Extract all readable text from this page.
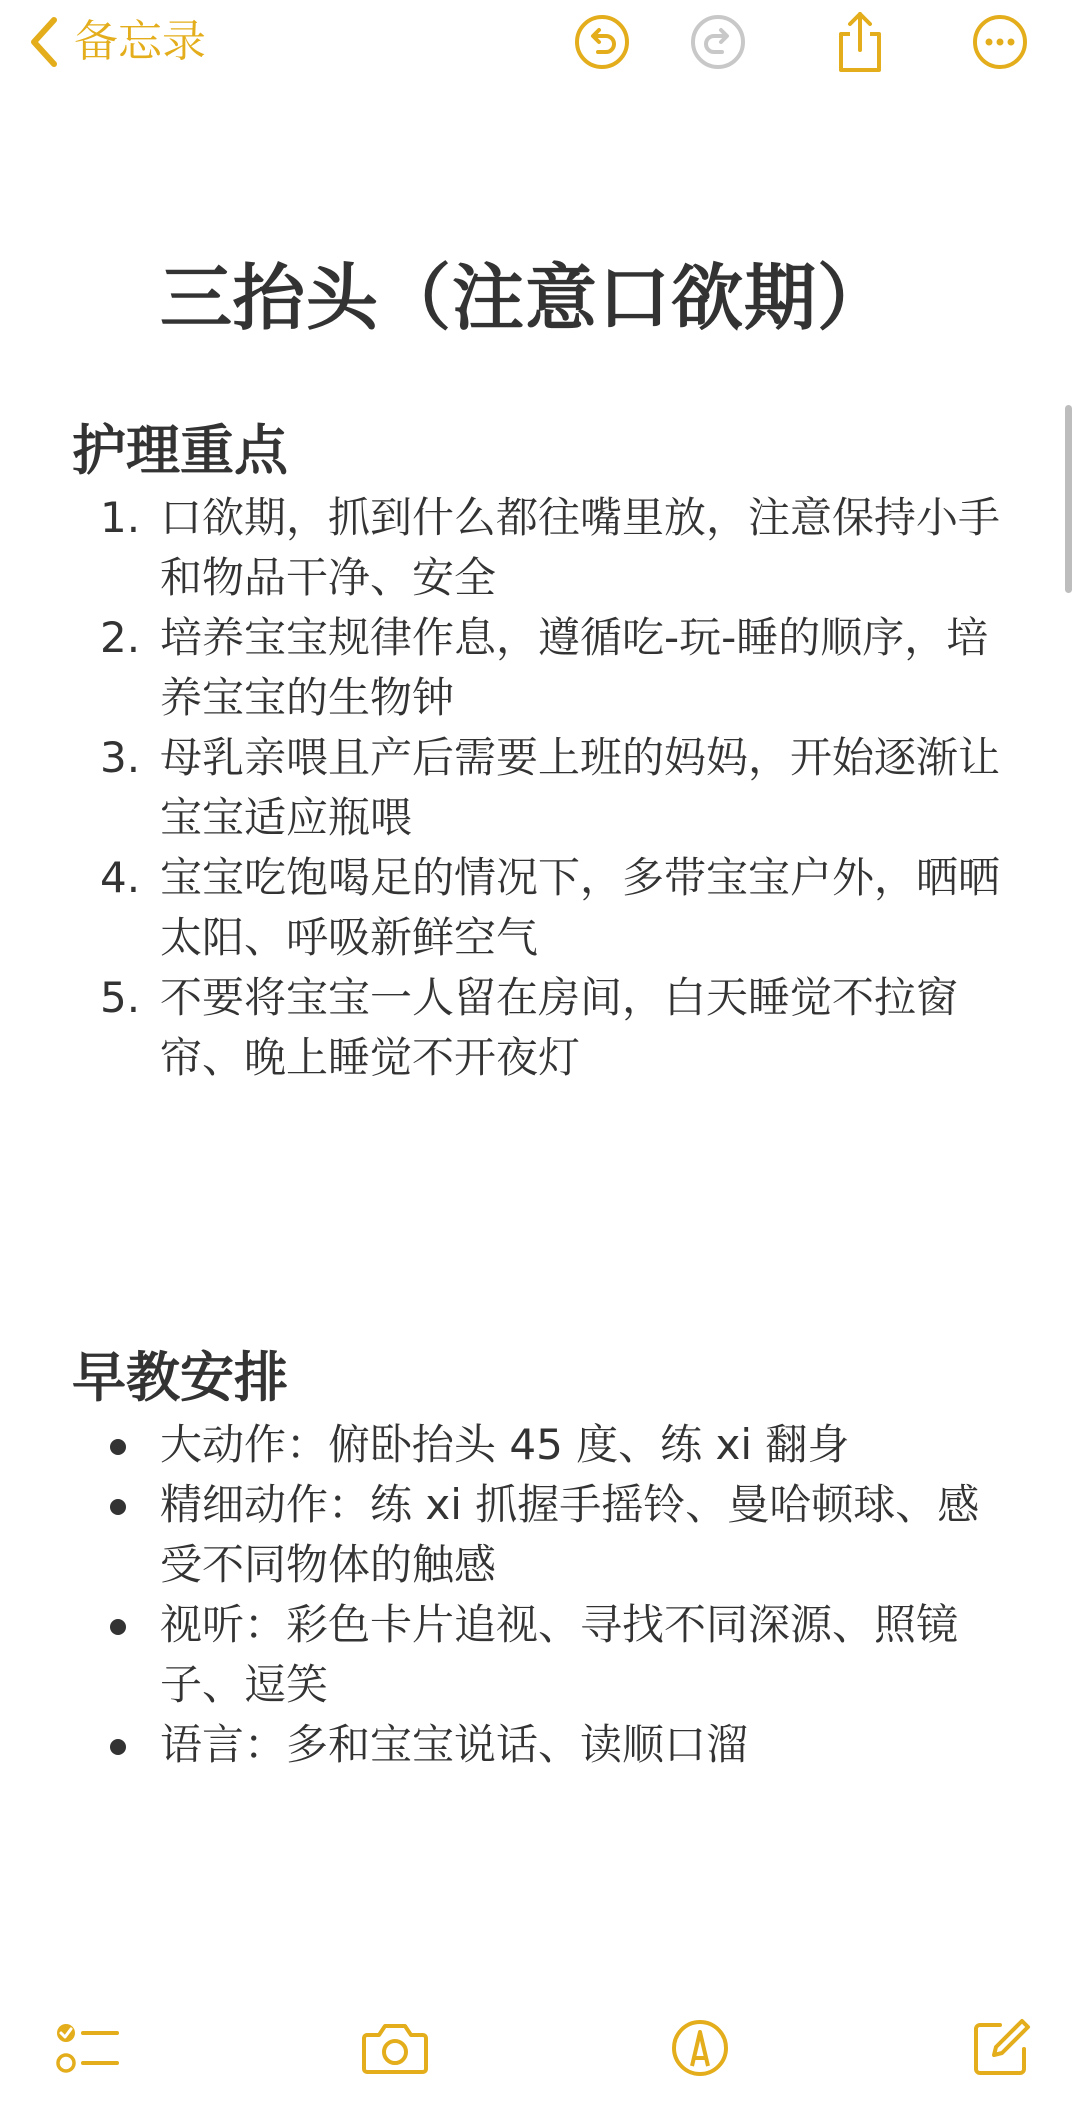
备忘录
三抬头（注意口欲期）
护理重点
1. 口欲期，抓到什么都往嘴里放，注意保持小手和物品干净、安全
2. 培养宝宝规律作息，遵循吃-玩-睡的顺序，培养宝宝的生物钟
3. 母乳亲喂且产后需要上班的妈妈，开始逐渐让宝宝适应瓶喂
4. 宝宝吃饱喝足的情况下，多带宝宝户外，晒晒太阳、呼吸新鲜空气
5. 不要将宝宝一人留在房间，白天睡觉不拉窗帘、晚上睡觉不开夜灯
早教安排
大动作：俯卧抬头 45 度、练 xi 翻身
精细动作：练 xi 抓握手摇铃、曼哈顿球、感受不同物体的触感
视听：彩色卡片追视、寻找不同深源、照镜子、逗笑
语言：多和宝宝说话、读顺口溜
